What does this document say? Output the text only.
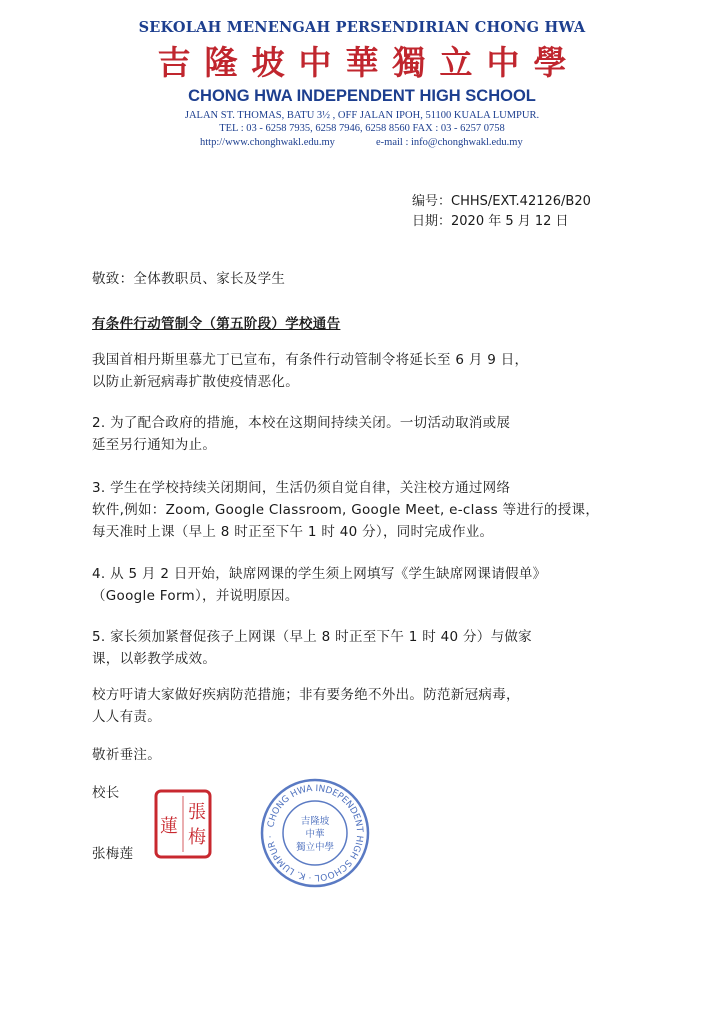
SEKOLAH MENENGAH PERSENDIRIAN CHONG HWA
吉隆坡中華獨立中學
CHONG HWA INDEPENDENT HIGH SCHOOL
JALAN ST. THOMAS, BATU 3½ , OFF JALAN IPOH, 51100 KUALA LUMPUR.
TEL : 03 - 6258 7935, 6258 7946, 6258 8560 FAX : 03 - 6257 0758
http://www.chonghwakl.edu.my	e-mail : info@chonghwakl.edu.my
编号：CHHS/EXT.42126/B20
日期：2020 年 5 月 12 日

敬致：全体教职员、家长及学生

有条件行动管制令（第五阶段）学校通告

我国首相丹斯里慕尤丁已宣布，有条件行动管制令将延长至 6 月 9 日，
以防止新冠病毒扩散使疫情恶化。

2. 为了配合政府的措施，本校在这期间持续关闭。一切活动取消或展
延至另行通知为止。

3. 学生在学校持续关闭期间，生活仍须自觉自律，关注校方通过网络
软件,例如：Zoom, Google Classroom, Google Meet, e-class 等进行的授课，
每天准时上课（早上 8 时正至下午 1 时 40 分），同时完成作业。

4. 从 5 月 2 日开始，缺席网课的学生须上网填写《学生缺席网课请假单》
（Google Form），并说明原因。

5. 家长须加紧督促孩子上网课（早上 8 时正至下午 1 时 40 分）与做家
课，以彰教学成效。

校方吁请大家做好疾病防范措施；非有要务绝不外出。防范新冠病毒，
人人有责。

敬祈垂注。

校长

张梅莲

張
梅
蓮	CHONG HWA INDEPENDENT HIGH SCHOOL · K. LUMPUR ·
吉隆坡
中華
獨立中學
